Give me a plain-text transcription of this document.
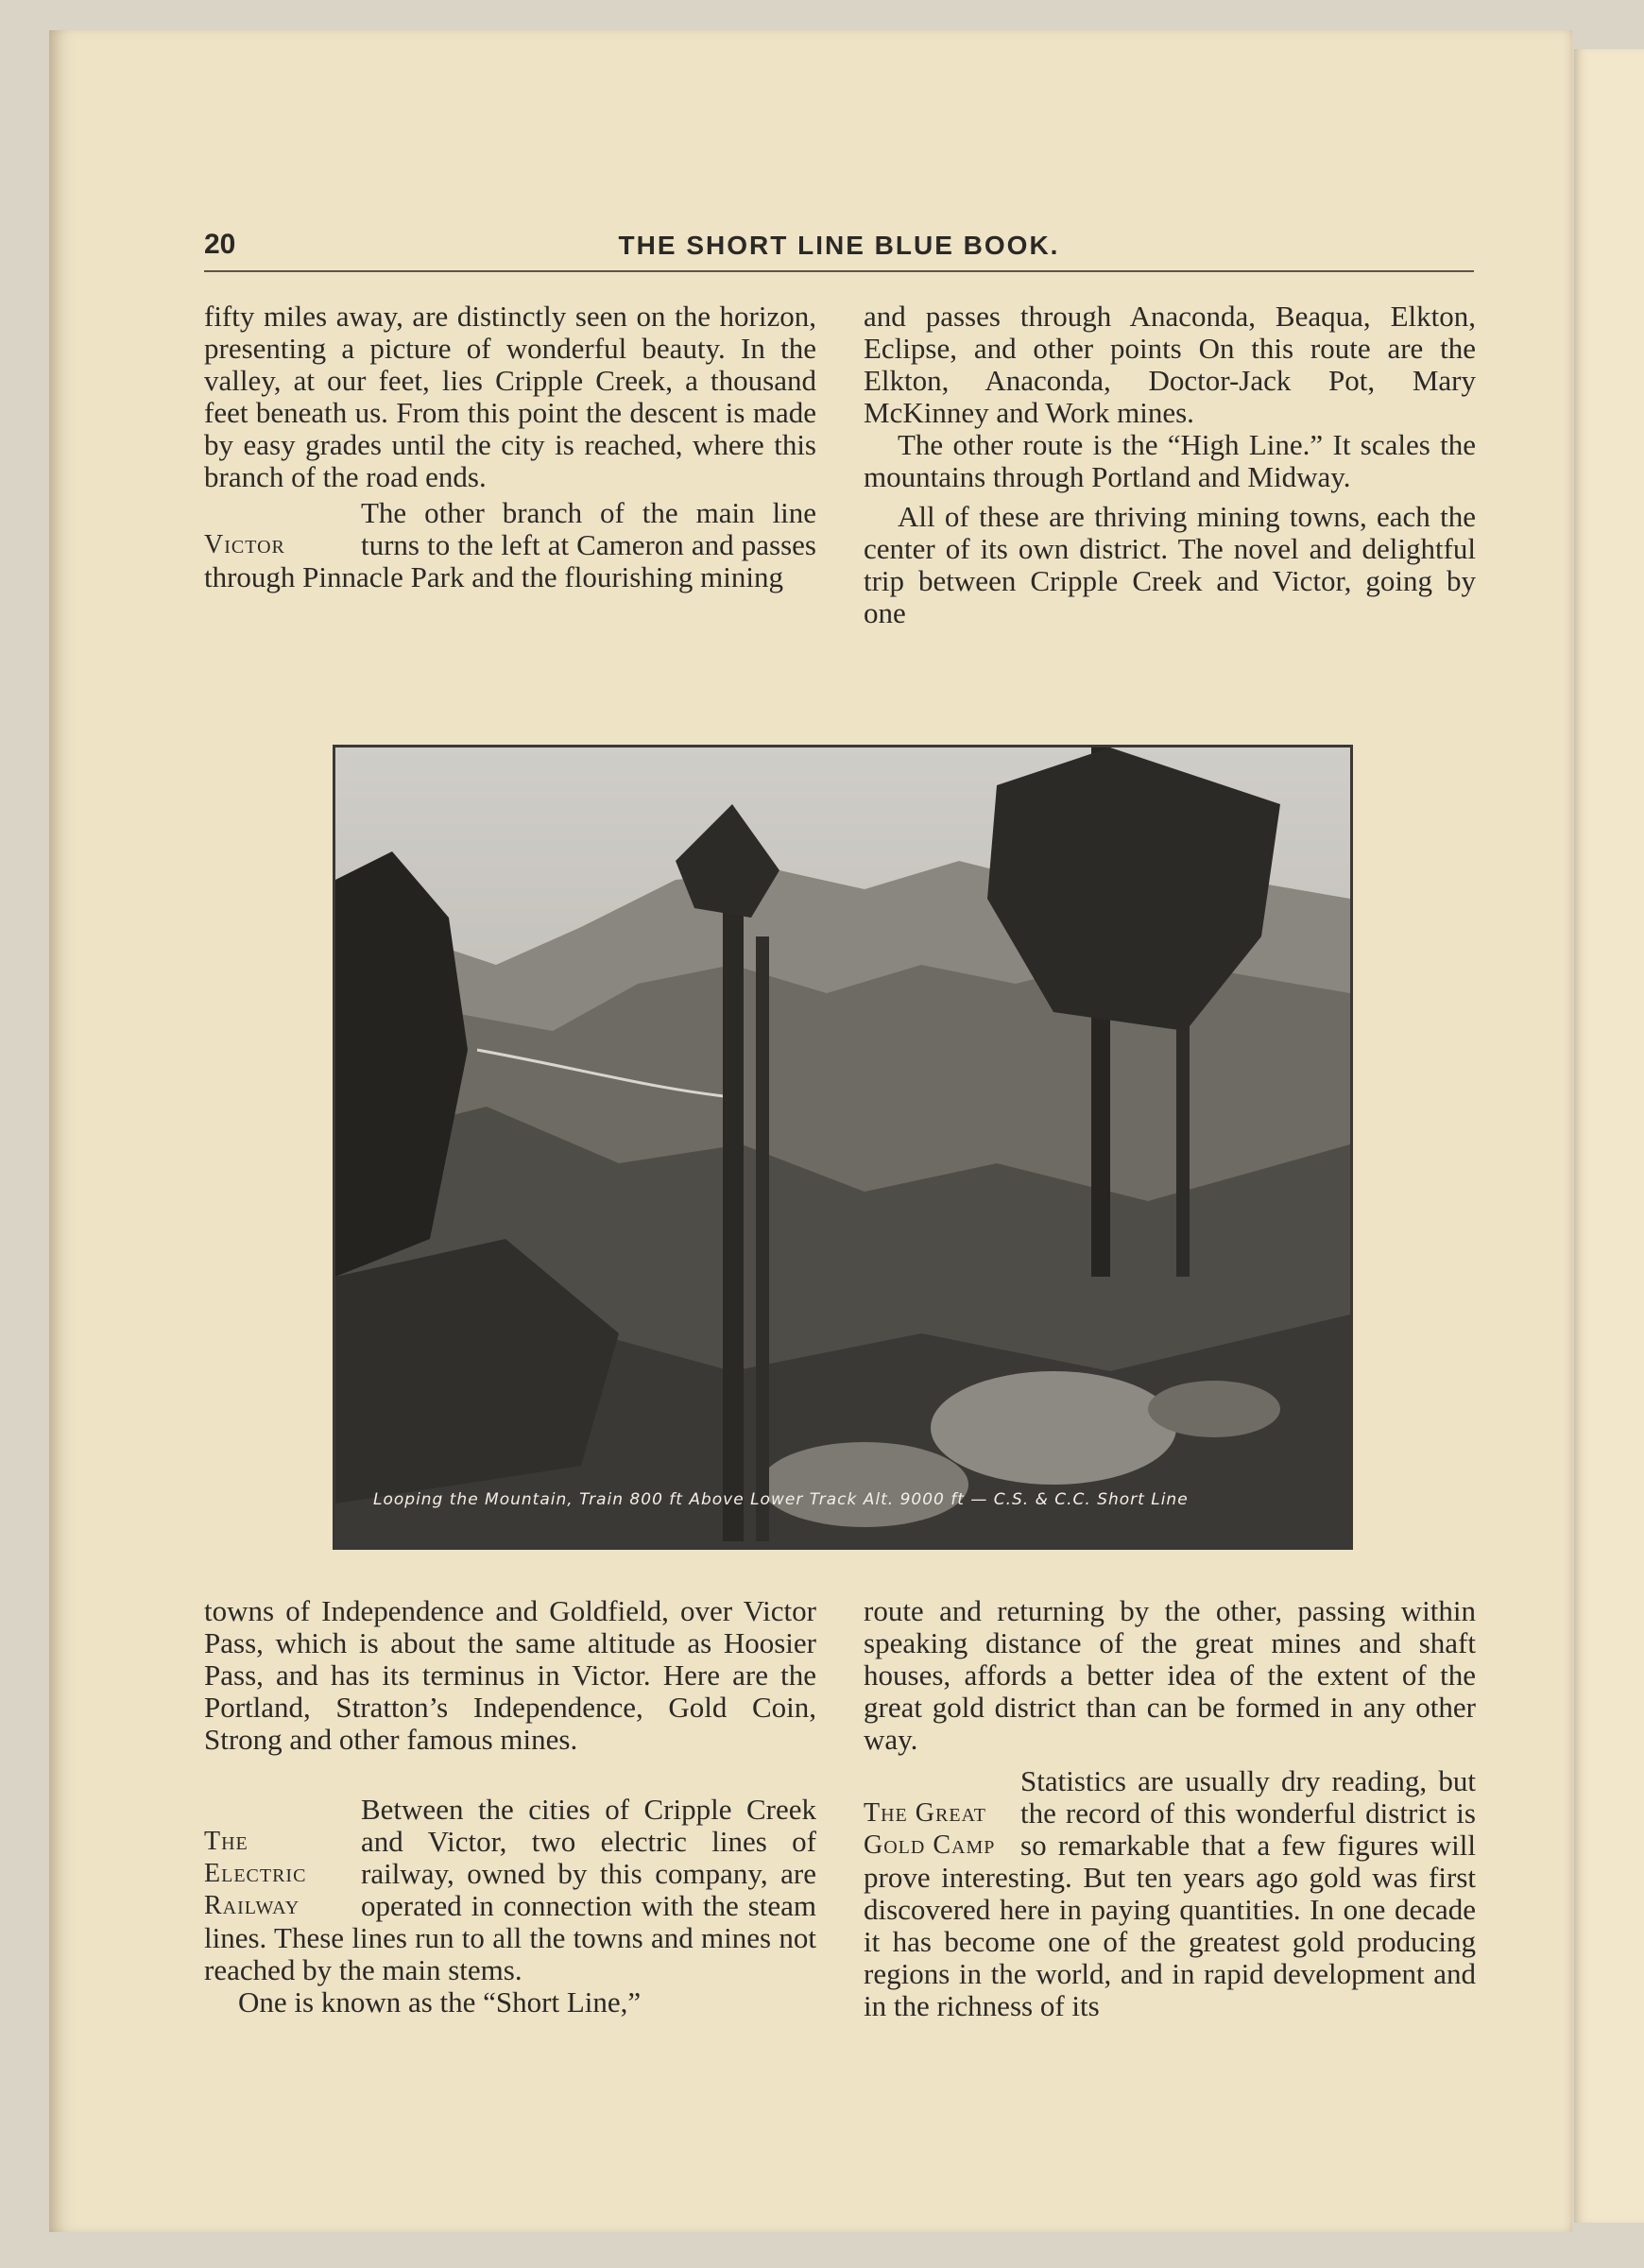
20	THE SHORT LINE BLUE BOOK.

fifty miles away, are distinctly seen on the horizon, presenting a picture of wonderful beauty. In the valley, at our feet, lies Cripple Creek, a thousand feet beneath us. From this point the descent is made by easy grades until the city is reached, where this branch of the road ends.

Victor
The other branch of the main line turns to the left at Cameron and passes through Pinnacle Park and the flourishing mining

and passes through Anaconda, Beaqua, Elkton, Eclipse, and other points On this route are the Elkton, Anaconda, Doctor-Jack Pot, Mary McKinney and Work mines.

The other route is the “High Line.” It scales the mountains through Portland and Midway.

All of these are thriving mining towns, each the center of its own district. The novel and delightful trip between Cripple Creek and Victor, going by one

Looping the Mountain, Train 800 ft Above Lower Track Alt. 9000 ft — C.S. & C.C. Short Line

towns of Independence and Goldfield, over Victor Pass, which is about the same altitude as Hoosier Pass, and has its terminus in Victor. Here are the Portland, Stratton’s Independence, Gold Coin, Strong and other famous mines.

The
Electric
Railway
Between the cities of Cripple Creek and Victor, two electric lines of railway, owned by this company, are operated in connection with the steam lines. These lines run to all the towns and mines not reached by the main stems.

One is known as the “Short Line,”

route and returning by the other, passing within speaking distance of the great mines and shaft houses, affords a better idea of the extent of the great gold district than can be formed in any other way.

The Great
Gold Camp
Statistics are usually dry reading, but the record of this wonderful district is so remarkable that a few figures will prove interesting. But ten years ago gold was first discovered here in paying quantities. In one decade it has become one of the greatest gold producing regions in the world, and in rapid development and in the richness of its
